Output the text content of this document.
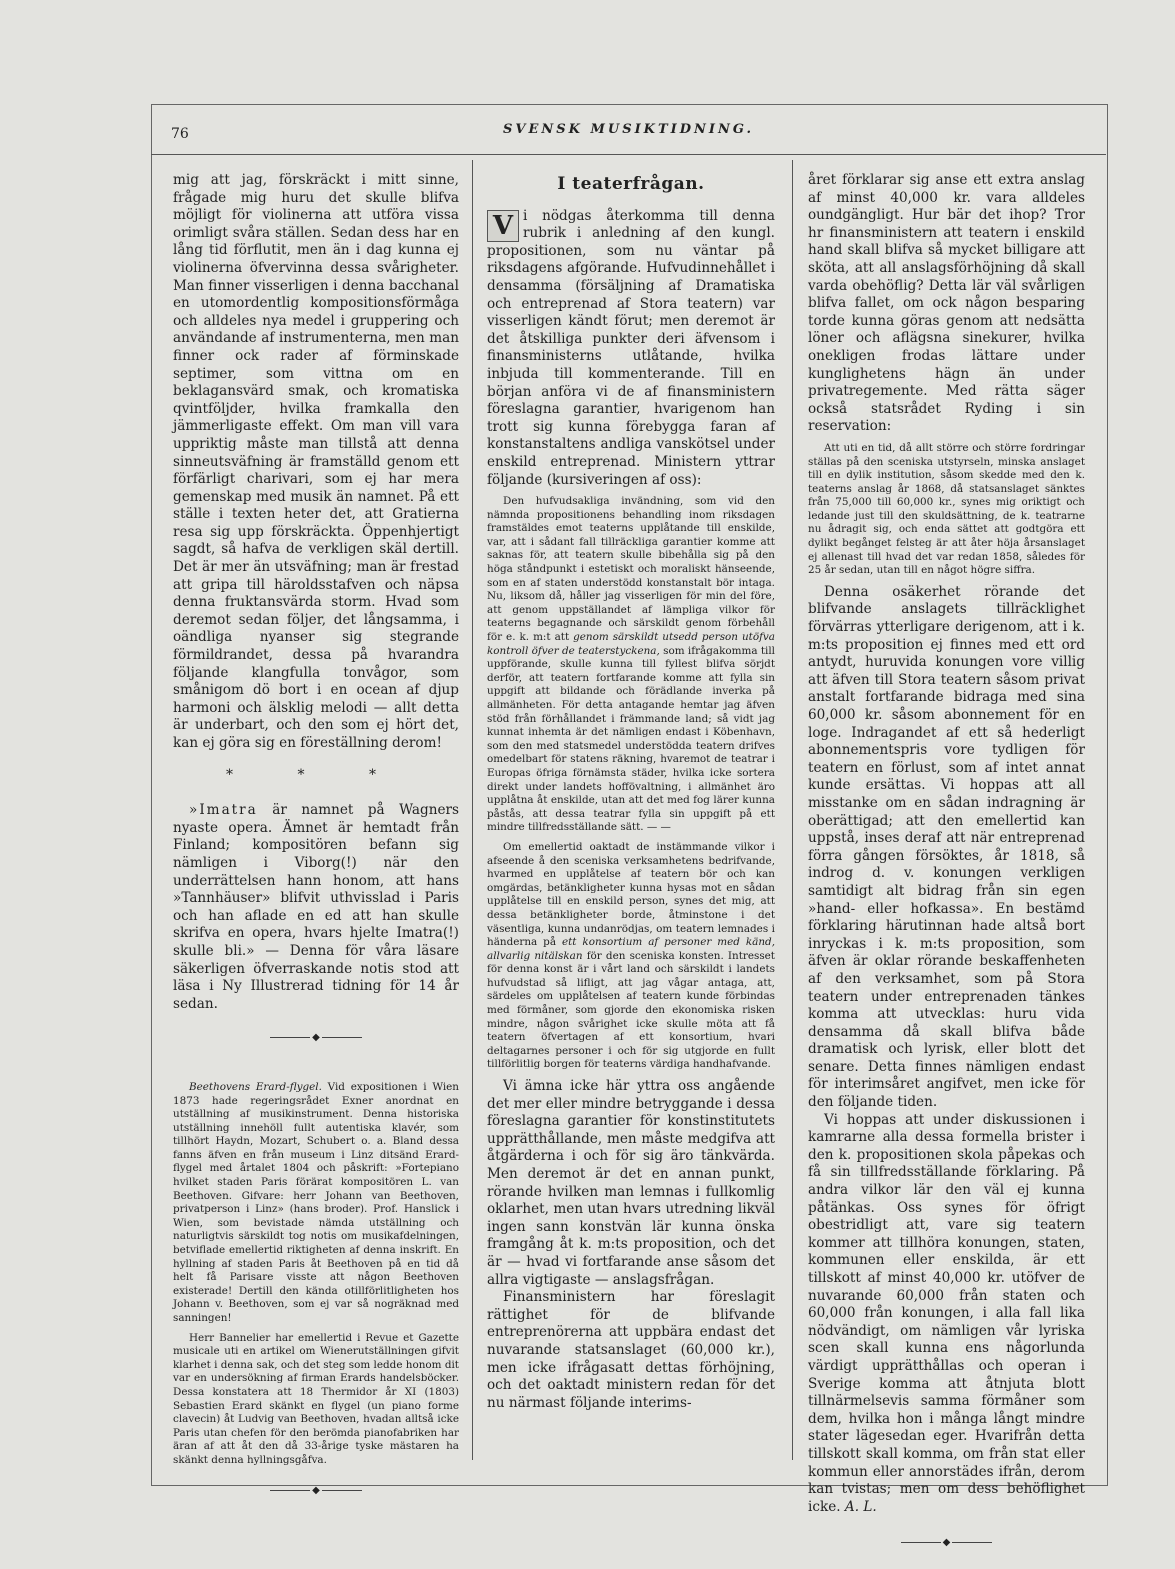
76	SVENSK MUSIKTIDNING.

mig att jag, förskräckt i mitt sinne, frågade mig huru det skulle blifva möjligt för violinerna att utföra vissa orimligt svåra ställen. Sedan dess har en lång tid förflutit, men än i dag kunna ej violinerna öfvervinna dessa svårigheter. Man finner visserligen i denna bacchanal en utomordentlig kompositionsförmåga och alldeles nya medel i gruppering och användande af instrumenterna, men man finner ock rader af förminskade septimer, som vittna om en beklagansvärd smak, och kromatiska qvintföljder, hvilka framkalla den jämmerligaste effekt. Om man vill vara uppriktig måste man tillstå att denna sinneutsväfning är framställd genom ett förfärligt charivari, som ej har mera gemenskap med musik än namnet. På ett ställe i texten heter det, att Gratierna resa sig upp förskräckta. Öppenhjertigt sagdt, så hafva de verkligen skäl dertill. Det är mer än utsväfning; man är frestad att gripa till häroldsstafven och näpsa denna fruktansvärda storm. Hvad som deremot sedan följer, det långsamma, i oändliga nyanser sig stegrande förmildrandet, dessa på hvarandra följande klangfulla tonvågor, som smånigom dö bort i en ocean af djup harmoni och älsklig melodi — allt detta är underbart, och den som ej hört det, kan ej göra sig en föreställning derom!

* * *

»Imatra är namnet på Wagners nyaste opera. Ämnet är hemtadt från Finland; kompositören befann sig nämligen i Viborg(!) när den underrättelsen hann honom, att hans »Tannhäuser» blifvit uthvisslad i Paris och han aflade en ed att han skulle skrifva en opera, hvars hjelte Imatra(!) skulle bli.» — Denna för våra läsare säkerligen öfverraskande notis stod att läsa i Ny Illustrerad tidning för 14 år sedan.

◆

Beethovens Erard-flygel. Vid expositionen i Wien 1873 hade regeringsrådet Exner anordnat en utställning af musikinstrument. Denna historiska utställning innehöll fullt autentiska klavér, som tillhört Haydn, Mozart, Schubert o. a. Bland dessa fanns äfven en från museum i Linz ditsänd Erard-flygel med årtalet 1804 och påskrift: »Fortepiano hvilket staden Paris förärat kompositören L. van Beethoven. Gifvare: herr Johann van Beethoven, privatperson i Linz» (hans broder). Prof. Hanslick i Wien, som bevistade nämda utställning och naturligtvis särskildt tog notis om musikafdelningen, betviflade emellertid riktigheten af denna inskrift. En hyllning af staden Paris åt Beethoven på en tid då helt få Parisare visste att någon Beethoven existerade! Dertill den kända otillförlitligheten hos Johann v. Beethoven, som ej var så nogräknad med sanningen!

Herr Bannelier har emellertid i Revue et Gazette musicale uti en artikel om Wienerutställningen gifvit klarhet i denna sak, och det steg som ledde honom dit var en undersökning af firman Erards handelsböcker. Dessa konstatera att 18 Thermidor år XI (1803) Sebastien Erard skänkt en flygel (un piano forme clavecin) åt Ludvig van Beethoven, hvadan alltså icke Paris utan chefen för den berömda pianofabriken har äran af att åt den då 33-årige tyske mästaren ha skänkt denna hyllningsgåfva.

◆
I teaterfrågan.

V i nödgas återkomma till denna rubrik i anledning af den kungl. propositionen, som nu väntar på riksdagens afgörande. Hufvudinnehållet i densamma (försäljning af Dramatiska och entreprenad af Stora teatern) var visserligen kändt förut; men deremot är det åtskilliga punkter deri äfvensom i finansministerns utlåtande, hvilka inbjuda till kommenterande. Till en början anföra vi de af finansministern föreslagna garantier, hvarigenom han trott sig kunna förebygga faran af konstanstaltens andliga vanskötsel under enskild entreprenad. Ministern yttrar följande (kursiveringen af oss):

Den hufvudsakliga invändning, som vid den nämnda propositionens behandling inom riksdagen framstäldes emot teaterns upplåtande till enskilde, var, att i sådant fall tillräckliga garantier komme att saknas för, att teatern skulle bibehålla sig på den höga ståndpunkt i estetiskt och moraliskt hänseende, som en af staten understödd konstanstalt bör intaga. Nu, liksom då, håller jag visserligen för min del före, att genom uppställandet af lämpliga vilkor för teaterns begagnande och särskildt genom förbehåll för e. k. m:t att genom särskildt utsedd person utöfva kontroll öfver de teaterstyckena, som ifrågakomma till uppförande, skulle kunna till fyllest blifva sörjdt derför, att teatern fortfarande komme att fylla sin uppgift att bildande och förädlande inverka på allmänheten. För detta antagande hemtar jag äfven stöd från förhållandet i främmande land; så vidt jag kunnat inhemta är det nämligen endast i Köbenhavn, som den med statsmedel understödda teatern drifves omedelbart för statens räkning, hvaremot de teatrar i Europas öfriga förnämsta städer, hvilka icke sortera direkt under landets hoffövaltning, i allmänhet äro upplåtna åt enskilde, utan att det med fog lärer kunna påstås, att dessa teatrar fylla sin uppgift på ett mindre tillfredsställande sätt. — —

Om emellertid oaktadt de instämmande vilkor i afseende å den sceniska verksamhetens bedrifvande, hvarmed en upplåtelse af teatern bör och kan omgärdas, betänkligheter kunna hysas mot en sådan upplåtelse till en enskild person, synes det mig, att dessa betänkligheter borde, åtminstone i det väsentliga, kunna undanrödjas, om teatern lemnades i händerna på ett konsortium af personer med känd, allvarlig nitälskan för den sceniska konsten. Intresset för denna konst är i vårt land och särskildt i landets hufvudstad så lifligt, att jag vågar antaga, att, särdeles om upplåtelsen af teatern kunde förbindas med förmåner, som gjorde den ekonomiska risken mindre, någon svårighet icke skulle möta att få teatern öfvertagen af ett konsortium, hvari deltagarnes personer i och för sig utgjorde en fullt tillförlitlig borgen för teaterns värdiga handhafvande.

Vi ämna icke här yttra oss angående det mer eller mindre betryggande i dessa föreslagna garantier för konstinstitutets upprätthållande, men måste medgifva att åtgärderna i och för sig äro tänkvärda. Men deremot är det en annan punkt, rörande hvilken man lemnas i fullkomlig oklarhet, men utan hvars utredning likväl ingen sann konstvän lär kunna önska framgång åt k. m:ts proposition, och det är — hvad vi fortfarande anse såsom det allra vigtigaste — anslagsfrågan.

Finansministern har föreslagit rättighet för de blifvande entreprenörerna att uppbära endast det nuvarande statsanslaget (60,000 kr.), men icke ifrågasatt dettas förhöjning, och det oaktadt ministern redan för det nu närmast följande interims-

året förklarar sig anse ett extra anslag af minst 40,000 kr. vara alldeles oundgängligt. Hur bär det ihop? Tror hr finansministern att teatern i enskild hand skall blifva så mycket billigare att sköta, att all anslagsförhöjning då skall varda obehöflig? Detta lär väl svårligen blifva fallet, om ock någon besparing torde kunna göras genom att nedsätta löner och aflägsna sinekurer, hvilka onekligen frodas lättare under kunglighetens hägn än under privatregemente. Med rätta säger också statsrådet Ryding i sin reservation:

Att uti en tid, då allt större och större fordringar ställas på den sceniska utstyrseln, minska anslaget till en dylik institution, såsom skedde med den k. teaterns anslag år 1868, då statsanslaget sänktes från 75,000 till 60,000 kr., synes mig oriktigt och ledande just till den skuldsättning, de k. teatrarne nu ådragit sig, och enda sättet att godtgöra ett dylikt begånget felsteg är att åter höja årsanslaget ej allenast till hvad det var redan 1858, således för 25 år sedan, utan till en något högre siffra.

Denna osäkerhet rörande det blifvande anslagets tillräcklighet förvärras ytterligare derigenom, att i k. m:ts proposition ej finnes med ett ord antydt, huruvida konungen vore villig att äfven till Stora teatern såsom privat anstalt fortfarande bidraga med sina 60,000 kr. såsom abonnement för en loge. Indragandet af ett så hederligt abonnementspris vore tydligen för teatern en förlust, som af intet annat kunde ersättas. Vi hoppas att all misstanke om en sådan indragning är oberättigad; att den emellertid kan uppstå, inses deraf att när entreprenad förra gången försöktes, år 1818, så indrog d. v. konungen verkligen samtidigt alt bidrag från sin egen »hand- eller hofkassa». En bestämd förklaring härutinnan hade altså bort inryckas i k. m:ts proposition, som äfven är oklar rörande beskaffenheten af den verksamhet, som på Stora teatern under entreprenaden tänkes komma att utvecklas: huru vida densamma då skall blifva både dramatisk och lyrisk, eller blott det senare. Detta finnes nämligen endast för interimsåret angifvet, men icke för den följande tiden.

Vi hoppas att under diskussionen i kamrarne alla dessa formella brister i den k. propositionen skola påpekas och få sin tillfredsställande förklaring. På andra vilkor lär den väl ej kunna påtänkas. Oss synes för öfrigt obestridligt att, vare sig teatern kommer att tillhöra konungen, staten, kommunen eller enskilda, är ett tillskott af minst 40,000 kr. utöfver de nuvarande 60,000 från staten och 60,000 från konungen, i alla fall lika nödvändigt, om nämligen vår lyriska scen skall kunna ens någorlunda värdigt upprätthållas och operan i Sverige komma att åtnjuta blott tillnärmelsevis samma förmåner som dem, hvilka hon i många långt mindre stater lägesedan eger. Hvarifrån detta tillskott skall komma, om från stat eller kommun eller annorstädes ifrån, derom kan tvistas; men om dess behöflighet icke. A. L.

◆
